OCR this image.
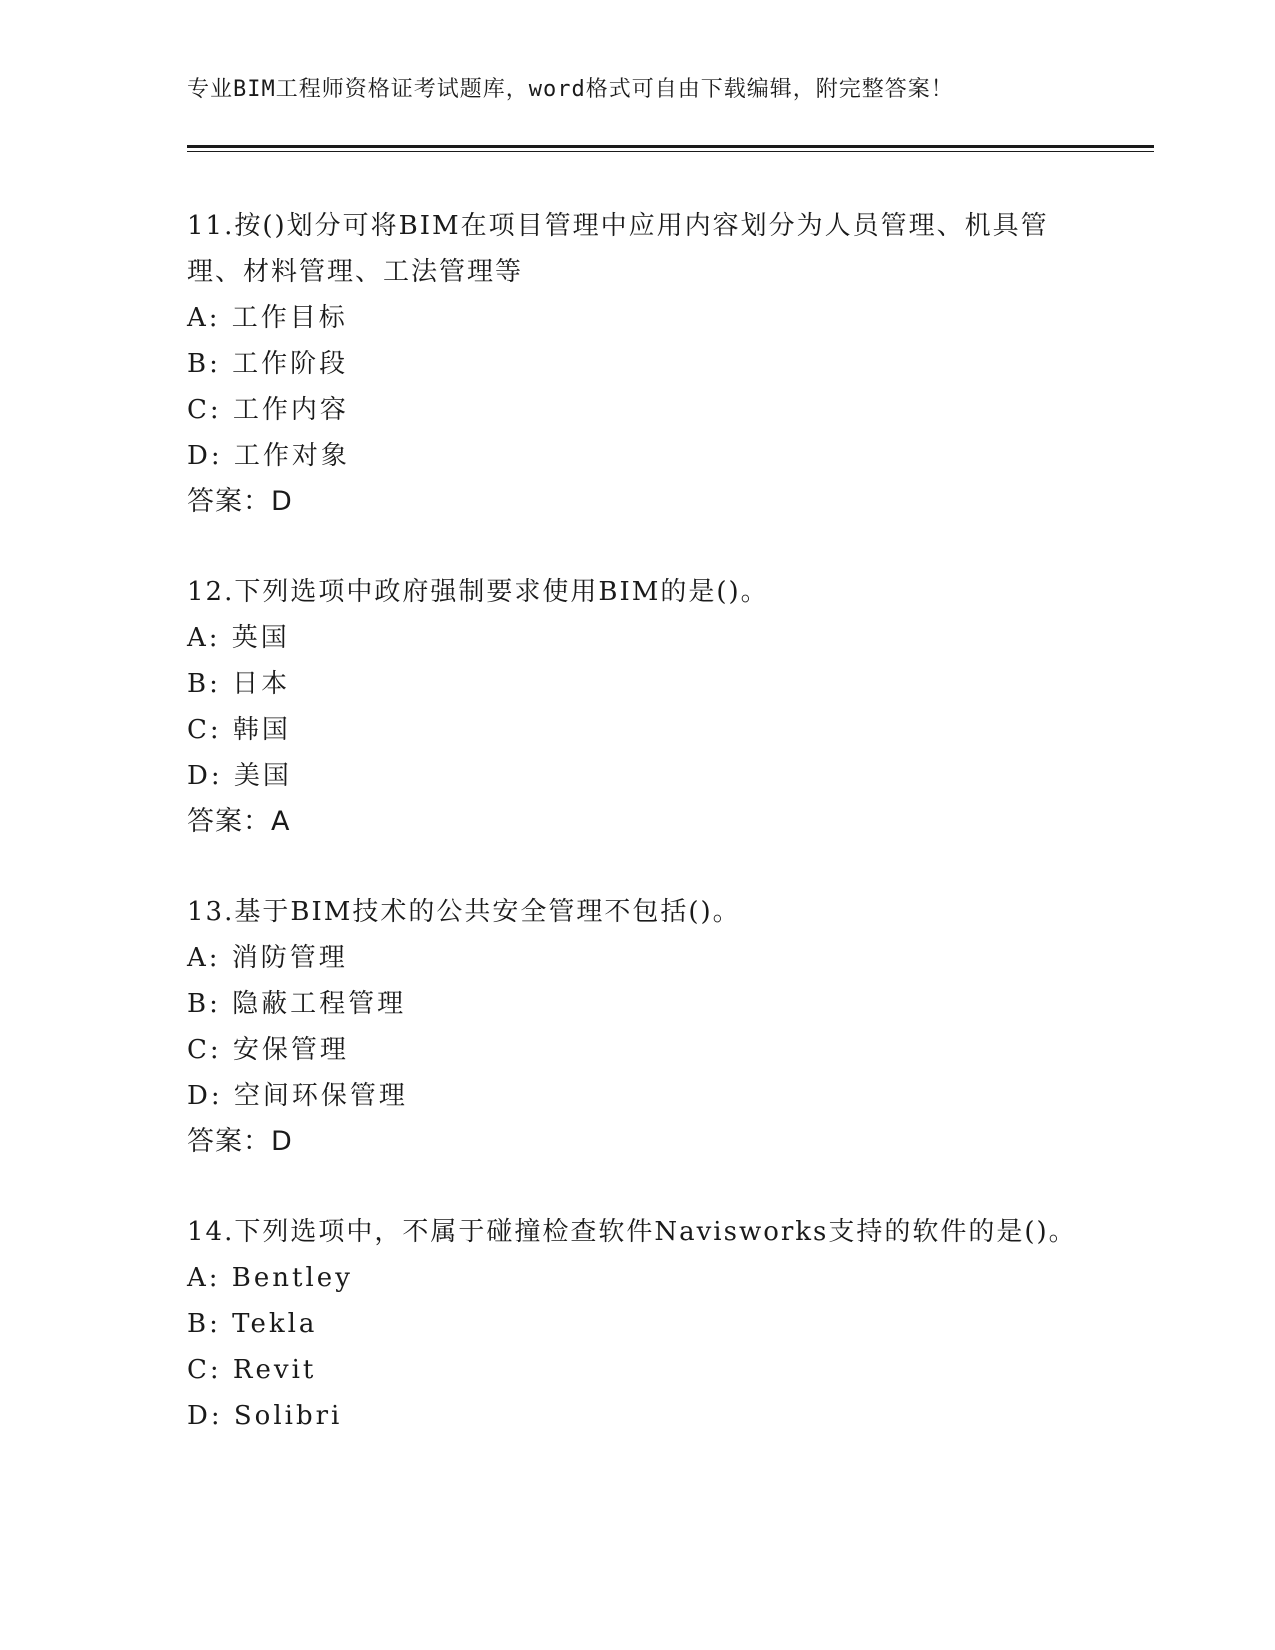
专业BIM工程师资格证考试题库，word格式可自由下载编辑，附完整答案！
11.按()划分可将BIM在项目管理中应用内容划分为人员管理、机具管理、材料管理、工法管理等
A: 工作目标
B: 工作阶段
C: 工作内容
D: 工作对象
答案：D
12.下列选项中政府强制要求使用BIM的是()。
A: 英国
B: 日本
C: 韩国
D: 美国
答案：A
13.基于BIM技术的公共安全管理不包括()。
A: 消防管理
B: 隐蔽工程管理
C: 安保管理
D: 空间环保管理
答案：D
14.下列选项中，不属于碰撞检查软件Navisworks支持的软件的是()。
A: Bentley
B: Tekla
C: Revit
D: Solibri
